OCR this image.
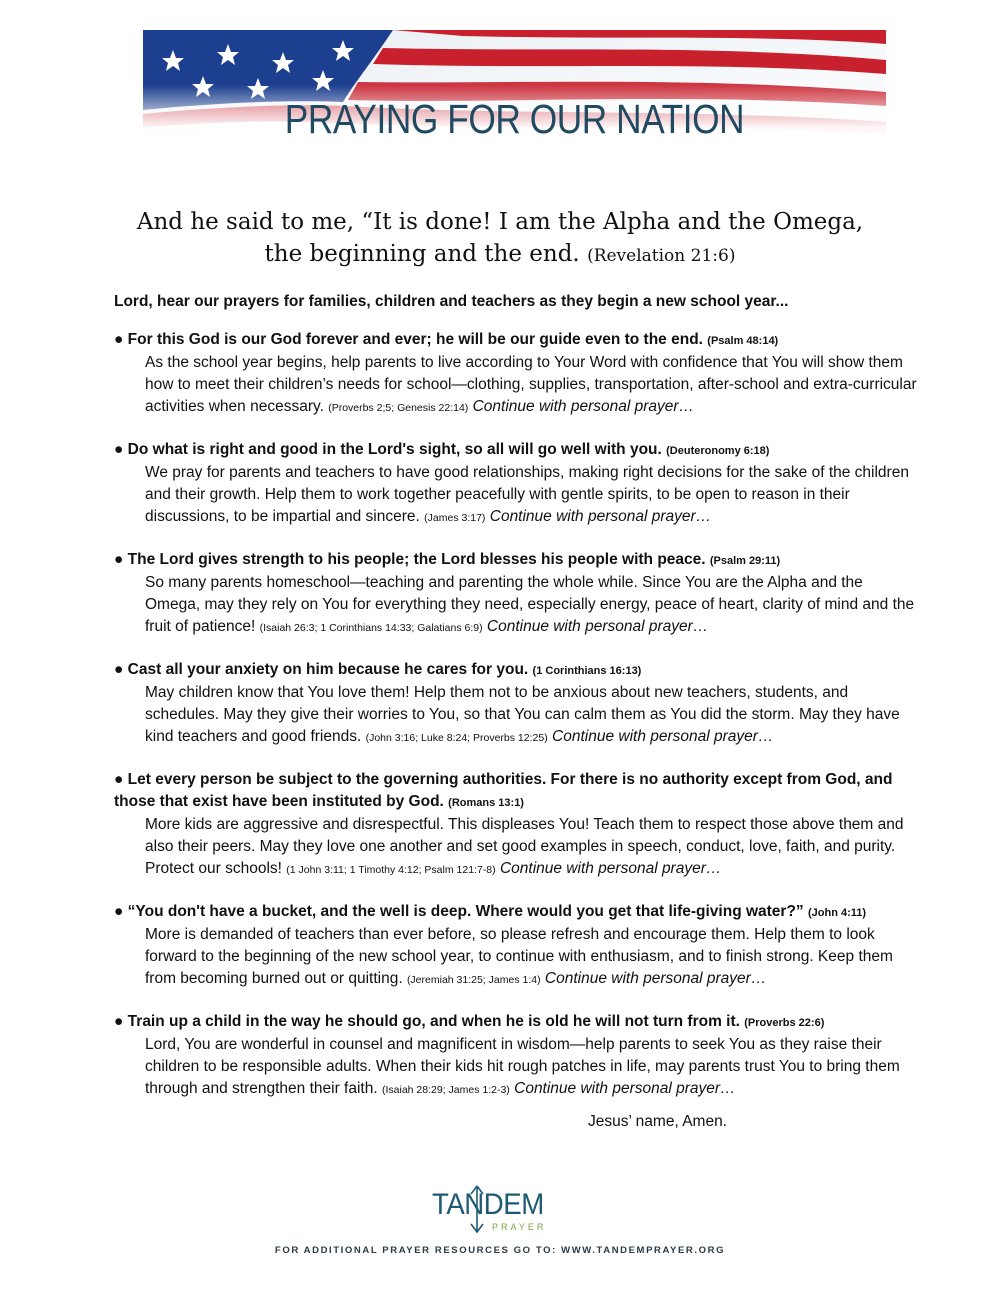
PRAYING FOR OUR NATION
And he said to me, “It is done! I am the Alpha and the Omega, the beginning and the end. (Revelation 21:6)
Lord, hear our prayers for families, children and teachers as they begin a new school year...
● For this God is our God forever and ever; he will be our guide even to the end. (Psalm 48:14)
As the school year begins, help parents to live according to Your Word with confidence that You will show them how to meet their children’s needs for school—clothing, supplies, transportation, after-school and extra-curricular activities when necessary. (Proverbs 2;5; Genesis 22:14) Continue with personal prayer…
● Do what is right and good in the Lord's sight, so all will go well with you. (Deuteronomy 6:18)
We pray for parents and teachers to have good relationships, making right decisions for the sake of the children and their growth. Help them to work together peacefully with gentle spirits, to be open to reason in their discussions, to be impartial and sincere. (James 3:17) Continue with personal prayer…
● The Lord gives strength to his people; the Lord blesses his people with peace. (Psalm 29:11)
So many parents homeschool—teaching and parenting the whole while. Since You are the Alpha and the Omega, may they rely on You for everything they need, especially energy, peace of heart, clarity of mind and the fruit of patience! (Isaiah 26:3; 1 Corinthians 14:33; Galatians 6:9) Continue with personal prayer…
● Cast all your anxiety on him because he cares for you. (1 Corinthians 16:13)
May children know that You love them! Help them not to be anxious about new teachers, students, and schedules. May they give their worries to You, so that You can calm them as You did the storm. May they have kind teachers and good friends. (John 3:16; Luke 8:24; Proverbs 12:25) Continue with personal prayer…
● Let every person be subject to the governing authorities. For there is no authority except from God, and those that exist have been instituted by God. (Romans 13:1)
More kids are aggressive and disrespectful. This displeases You! Teach them to respect those above them and also their peers. May they love one another and set good examples in speech, conduct, love, faith, and purity. Protect our schools! (1 John 3:11; 1 Timothy 4:12; Psalm 121:7-8) Continue with personal prayer…
● “You don't have a bucket, and the well is deep. Where would you get that life-giving water?” (John 4:11)
More is demanded of teachers than ever before, so please refresh and encourage them. Help them to look forward to the beginning of the new school year, to continue with enthusiasm, and to finish strong. Keep them from becoming burned out or quitting. (Jeremiah 31:25; James 1:4) Continue with personal prayer…
● Train up a child in the way he should go, and when he is old he will not turn from it. (Proverbs 22:6)
Lord, You are wonderful in counsel and magnificent in wisdom—help parents to seek You as they raise their children to be responsible adults. When their kids hit rough patches in life, may parents trust You to bring them through and strengthen their faith. (Isaiah 28:29; James 1:2-3) Continue with personal prayer…
Jesus’ name, Amen.
TANDEM
PRAYER
FOR ADDITIONAL PRAYER RESOURCES GO TO: WWW.TANDEMPRAYER.ORG
